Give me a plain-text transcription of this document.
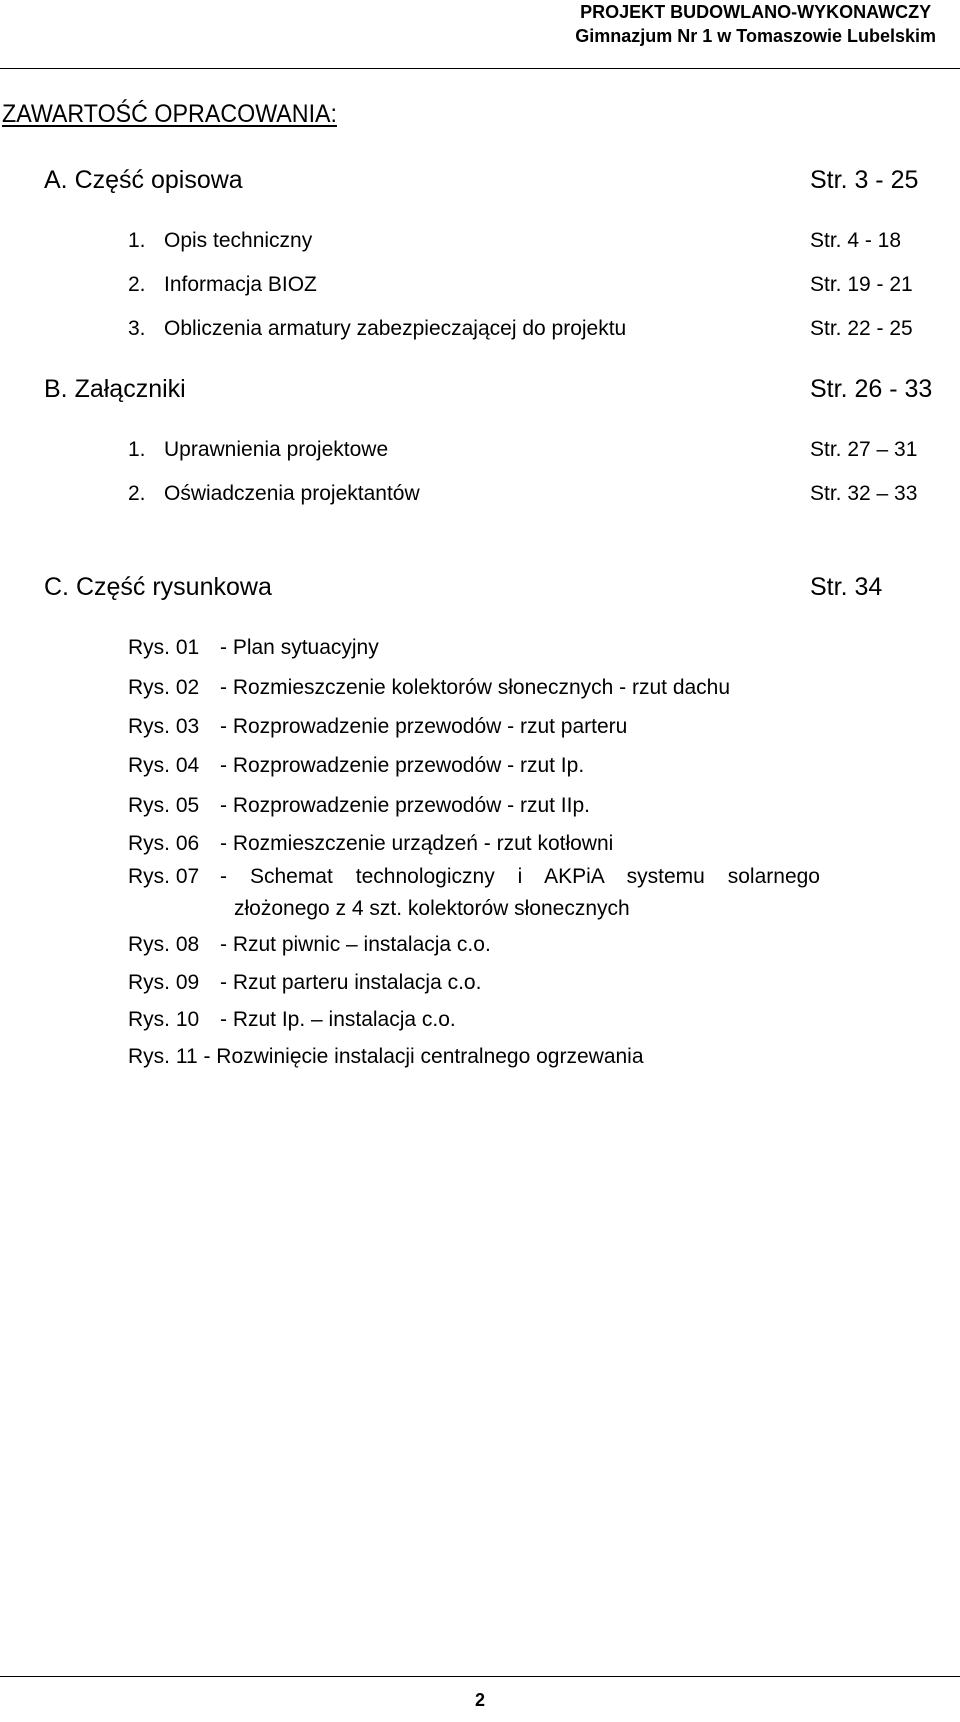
PROJEKT BUDOWLANO-WYKONAWCZY
Gimnazjum Nr 1 w Tomaszowie Lubelskim
ZAWARTOŚĆ OPRACOWANIA:
A. Część opisowa	Str. 3 - 25
1. Opis techniczny	Str. 4 - 18
2. Informacja BIOZ	Str. 19 - 21
3. Obliczenia armatury zabezpieczającej do projektu	Str. 22 - 25
B. Załączniki	Str. 26 - 33
1. Uprawnienia projektowe	Str. 27 – 31
2. Oświadczenia projektantów	Str. 32 – 33
C. Część rysunkowa	Str. 34
Rys. 01 - Plan sytuacyjny
Rys. 02 - Rozmieszczenie kolektorów słonecznych - rzut dachu
Rys. 03 - Rozprowadzenie przewodów - rzut parteru
Rys. 04 - Rozprowadzenie przewodów - rzut Ip.
Rys. 05 - Rozprowadzenie przewodów - rzut IIp.
Rys. 06 - Rozmieszczenie urządzeń - rzut kotłowni
Rys. 07 - Schemat technologiczny i AKPiA systemu solarnego
złożonego z 4 szt. kolektorów słonecznych
Rys. 08 - Rzut piwnic – instalacja c.o.
Rys. 09 - Rzut parteru instalacja c.o.
Rys. 10 - Rzut Ip. – instalacja c.o.
Rys. 11 - Rozwinięcie instalacji centralnego ogrzewania
2
